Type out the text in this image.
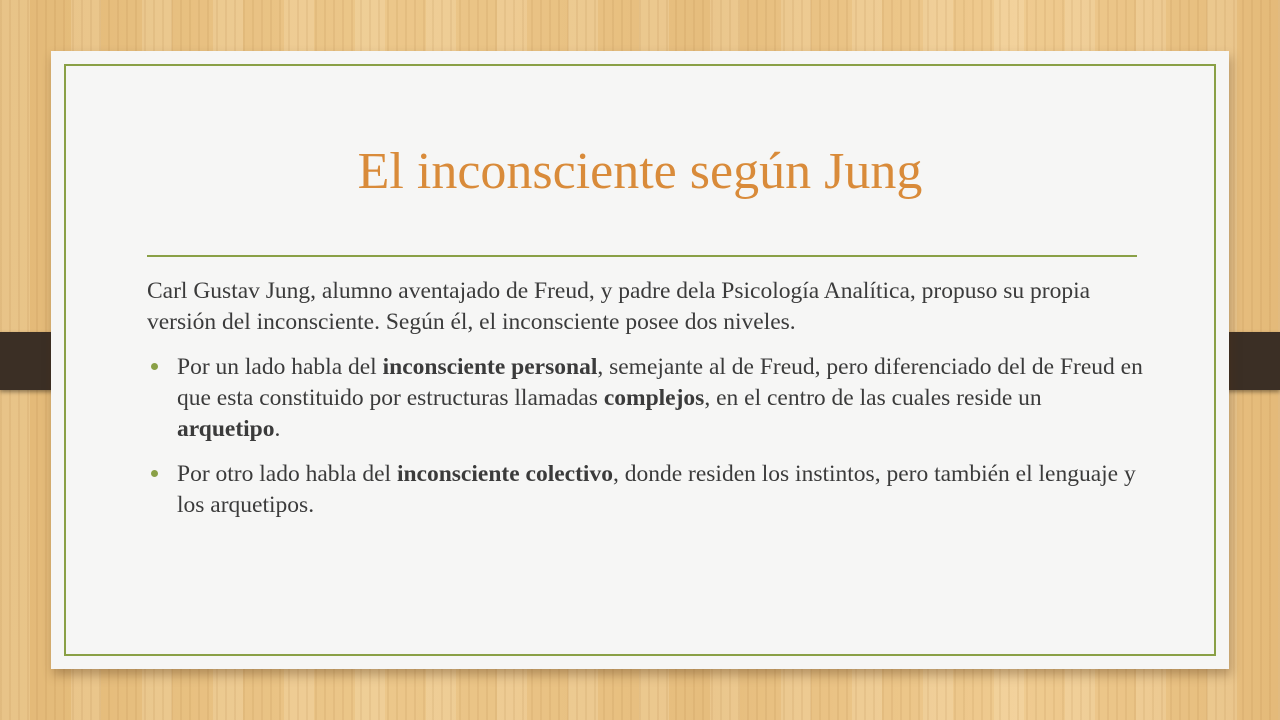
El inconsciente según Jung

Carl Gustav Jung, alumno aventajado de Freud, y padre dela Psicología Analítica, propuso su propia versión del inconsciente. Según él, el inconsciente posee dos niveles.

Por un lado habla del inconsciente personal, semejante al de Freud, pero diferenciado del de Freud en que esta constituido por estructuras llamadas complejos, en el centro de las cuales reside un arquetipo.
Por otro lado habla del inconsciente colectivo, donde residen los instintos, pero también el lenguaje y los arquetipos.
